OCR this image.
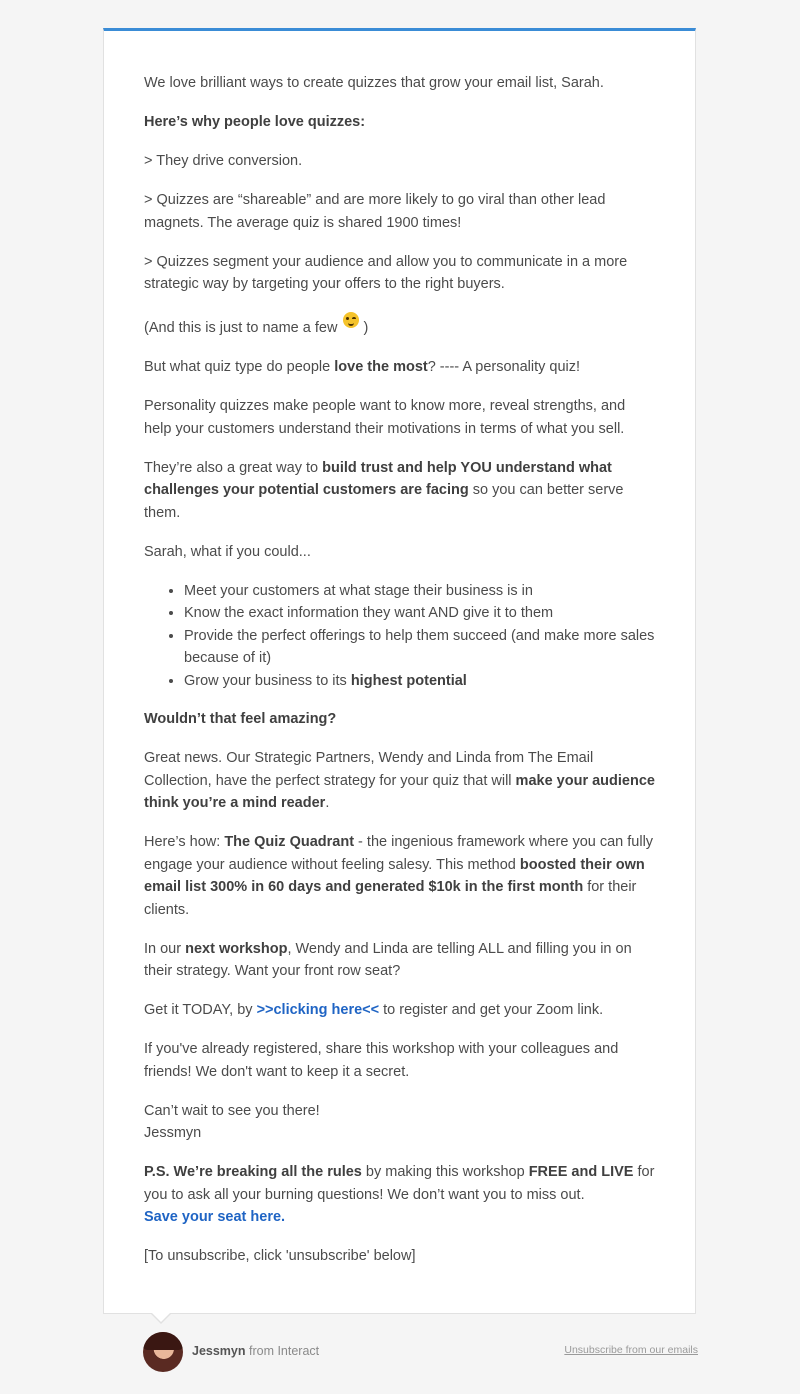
We love brilliant ways to create quizzes that grow your email list, Sarah.

Here’s why people love quizzes:

> They drive conversion.

> Quizzes are “shareable” and are more likely to go viral than other lead magnets. The average quiz is shared 1900 times!

> Quizzes segment your audience and allow you to communicate in a more strategic way by targeting your offers to the right buyers.

(And this is just to name a few
)

But what quiz type do people love the most? ---- A personality quiz!

Personality quizzes make people want to know more, reveal strengths, and help your customers understand their motivations in terms of what you sell.

They’re also a great way to build trust and help YOU understand what challenges your potential customers are facing so you can better serve them.

Sarah, what if you could...

• Meet your customers at what stage their business is in
• Know the exact information they want AND give it to them
• Provide the perfect offerings to help them succeed (and make more sales because of it)
• Grow your business to its highest potential

Wouldn’t that feel amazing?

Great news. Our Strategic Partners, Wendy and Linda from The Email Collection, have the perfect strategy for your quiz that will make your audience think you’re a mind reader.

Here’s how: The Quiz Quadrant - the ingenious framework where you can fully engage your audience without feeling salesy. This method boosted their own email list 300% in 60 days and generated $10k in the first month for their clients.

In our next workshop, Wendy and Linda are telling ALL and filling you in on their strategy. Want your front row seat?

Get it TODAY, by >>clicking here<< to register and get your Zoom link.

If you've already registered, share this workshop with your colleagues and friends! We don't want to keep it a secret.

Can’t wait to see you there!
Jessmyn

P.S. We’re breaking all the rules by making this workshop FREE and LIVE for you to ask all your burning questions! We don’t want you to miss out.
Save your seat here.

[To unsubscribe, click 'unsubscribe' below]

Jessmyn from Interact	Unsubscribe from our emails
